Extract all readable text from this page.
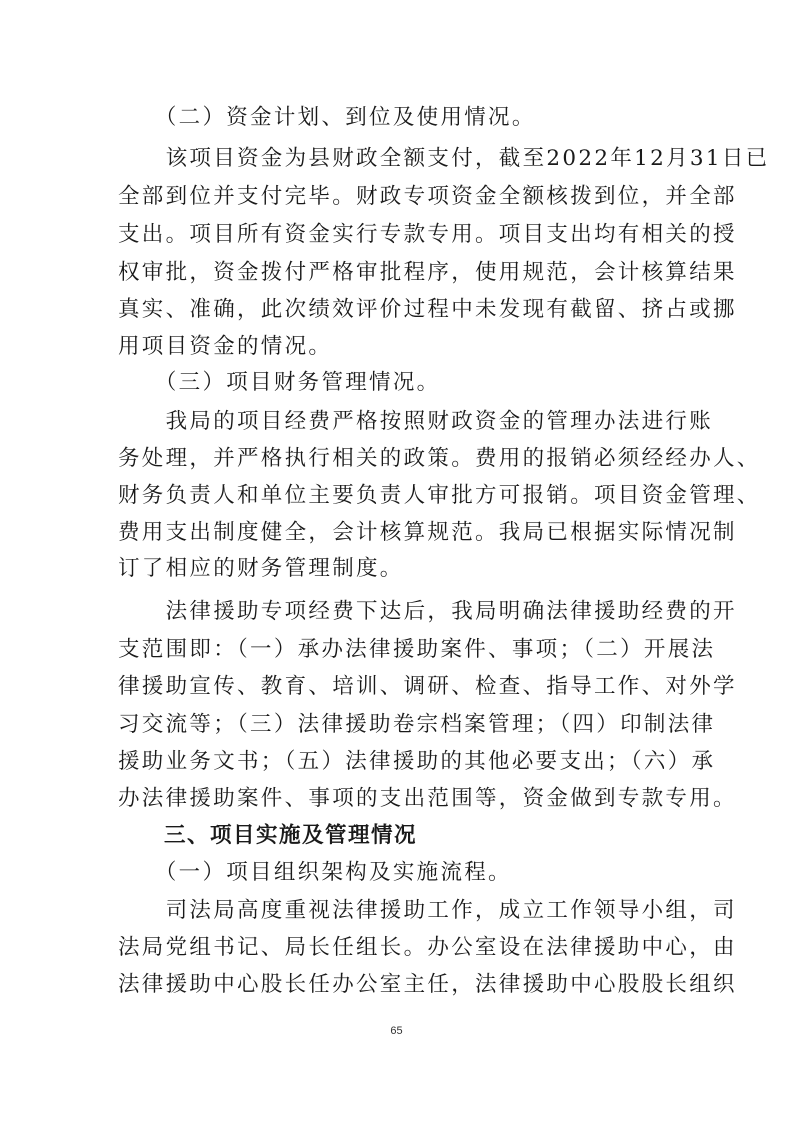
　　（二）资金计划、到位及使用情况。
　　该项目资金为县财政全额支付，截至2022年12月31日已
全部到位并支付完毕。财政专项资金全额核拨到位，并全部
支出。项目所有资金实行专款专用。项目支出均有相关的授
权审批，资金拨付严格审批程序，使用规范，会计核算结果
真实、准确，此次绩效评价过程中未发现有截留、挤占或挪
用项目资金的情况。
　　（三）项目财务管理情况。
　　我局的项目经费严格按照财政资金的管理办法进行账
务处理，并严格执行相关的政策。费用的报销必须经经办人、
财务负责人和单位主要负责人审批方可报销。项目资金管理、
费用支出制度健全，会计核算规范。我局已根据实际情况制
订了相应的财务管理制度。
　　法律援助专项经费下达后，我局明确法律援助经费的开
支范围即：（一）承办法律援助案件、事项；（二）开展法
律援助宣传、教育、培训、调研、检查、指导工作、对外学
习交流等；（三）法律援助卷宗档案管理；（四）印制法律
援助业务文书；（五）法律援助的其他必要支出；（六）承
办法律援助案件、事项的支出范围等，资金做到专款专用。
　　三、项目实施及管理情况
　　（一）项目组织架构及实施流程。
　　司法局高度重视法律援助工作，成立工作领导小组，司
法局党组书记、局长任组长。办公室设在法律援助中心，由
法律援助中心股长任办公室主任，法律援助中心股股长组织
65
